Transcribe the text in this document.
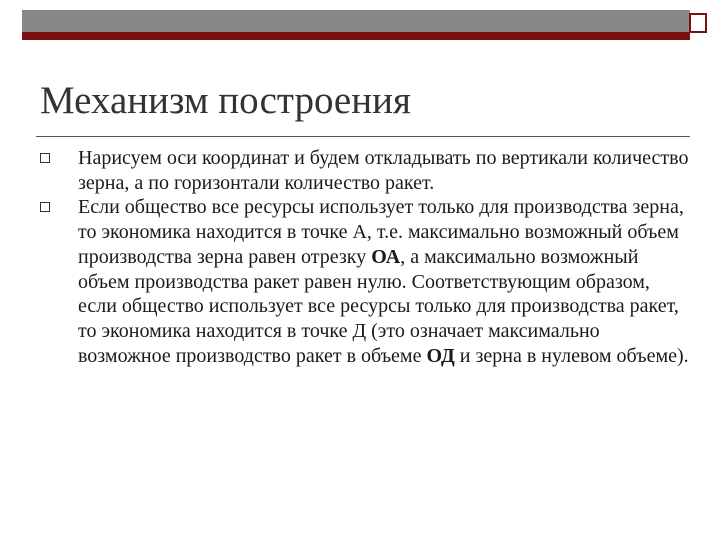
Механизм построения
Нарисуем оси координат и будем откладывать по вертикали количество зерна, а по горизонтали количество ракет.
Если общество все ресурсы использует только для производства зерна, то экономика находится в точке А, т.е. максимально возможный объем производства зерна равен отрезку ОА, а максимально возможный объем производства ракет равен нулю. Соответствующим образом, если общество использует все ресурсы только для производства ракет, то экономика находится в точке Д (это означает максимально возможное производство ракет в объеме ОД и зерна в нулевом объеме).
